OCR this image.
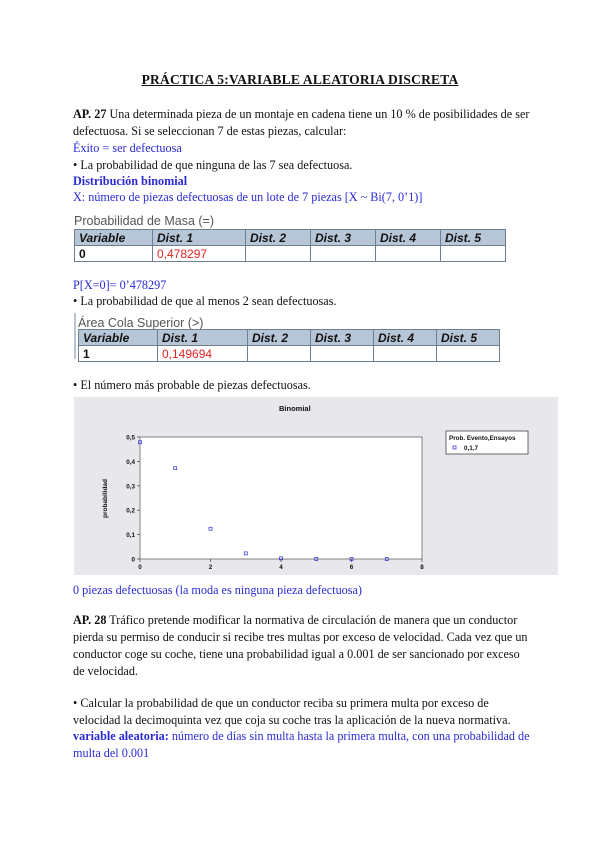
PRÁCTICA 5:VARIABLE ALEATORIA DISCRETA
AP. 27 Una determinada pieza de un montaje en cadena tiene un 10 % de posibilidades de ser
defectuosa. Si se seleccionan 7 de estas piezas, calcular:
Éxito = ser defectuosa
• La probabilidad de que ninguna de las 7 sea defectuosa.
Distribución binomial
X: número de piezas defectuosas de un lote de 7 piezas [X ~ Bi(7, 0’1)]
Probabilidad de Masa (=)
Variable	Dist. 1	Dist. 2	Dist. 3	Dist. 4	Dist. 5
0	0,478297				
P[X=0]= 0’478297
• La probabilidad de que al menos 2 sean defectuosas.
Área Cola Superior (>)
Variable	Dist. 1	Dist. 2	Dist. 3	Dist. 4	Dist. 5
1	0,149694				
• El número más probable de piezas defectuosas.
Binomial
probabilidad
0
0,1
0,2
0,3
0,4
0,5
0	2	4	6	8
Prob. Evento,Ensayos
0,1,7
0 piezas defectuosas (la moda es ninguna pieza defectuosa)
AP. 28 Tráfico pretende modificar la normativa de circulación de manera que un conductor
pierda su permiso de conducir si recibe tres multas por exceso de velocidad. Cada vez que un
conductor coge su coche, tiene una probabilidad igual a 0.001 de ser sancionado por exceso
de velocidad.
• Calcular la probabilidad de que un conductor reciba su primera multa por exceso de
velocidad la decimoquinta vez que coja su coche tras la aplicación de la nueva normativa.
variable aleatoria: número de días sin multa hasta la primera multa, con una probabilidad de
multa del 0.001
